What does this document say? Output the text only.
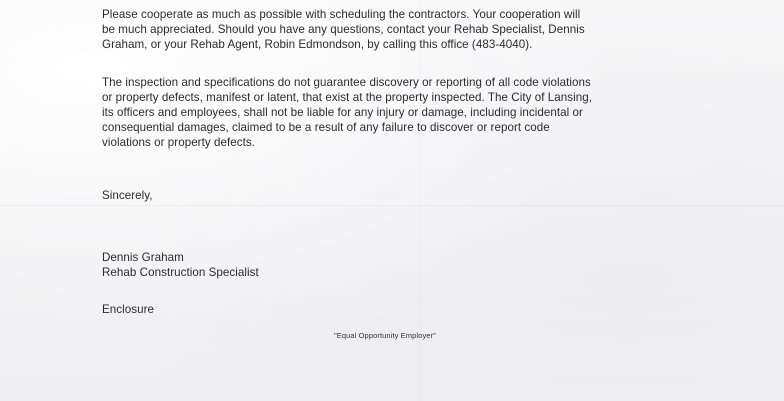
Please cooperate as much as possible with scheduling the contractors. Your cooperation will
be much appreciated. Should you have any questions, contact your Rehab Specialist, Dennis
Graham, or your Rehab Agent, Robin Edmondson, by calling this office (483-4040).
The inspection and specifications do not guarantee discovery or reporting of all code violations
or property defects, manifest or latent, that exist at the property inspected. The City of Lansing,
its officers and employees, shall not be liable for any injury or damage, including incidental or
consequential damages, claimed to be a result of any failure to discover or report code
violations or property defects.
Sincerely,
Dennis Graham
Rehab Construction Specialist
Enclosure
"Equal Opportunity Employer"
